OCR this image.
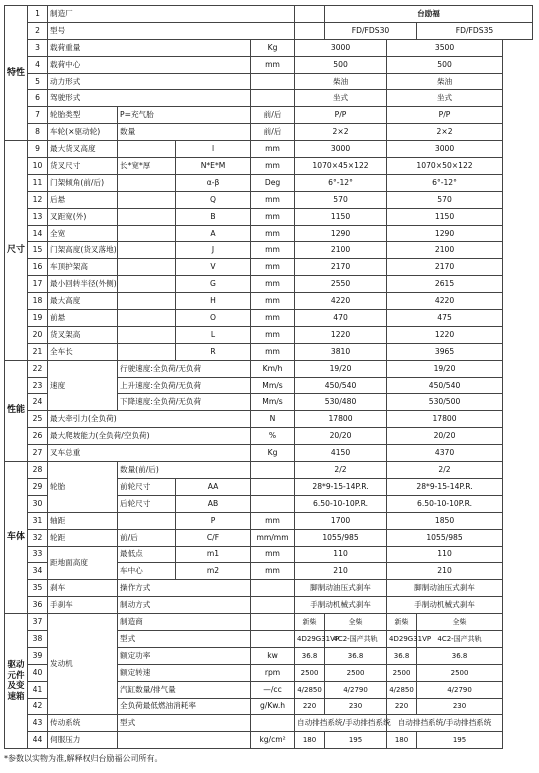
特性	1	制造厂					台励福		
	2	型号					FD/FDS30		FD/FDS35
	3	载荷重量			Kg	3000		3500	
	4	载荷中心			mm	500		500	
	5	动力形式				柴油		柴油	
	6	驾驶形式				坐式		坐式	
	7	轮胎类型	P=充气胎		前/后	P/P		P/P	
	8	车轮(×驱动轮)	数量		前/后	2×2		2×2	
尺寸	9	最大货叉高度		l	mm	3000		3000	
	10	货叉尺寸	长*宽*厚	N*E*M	mm	1070×45×122		1070×50×122	
	11	门架倾角(前/后)		α-β	Deg	6°-12°		6°-12°	
	12	后悬		Q	mm	570		570	
	13	叉距宽(外)		B	mm	1150		1150	
	14	全宽		A	mm	1290		1290	
	15	门架高度(货叉落地)		J	mm	2100		2100	
	16	车顶护架高		V	mm	2170		2170	
	17	最小回转半径(外侧)		G	mm	2550		2615	
	18	最大高度		H	mm	4220		4220	
	19	前悬		O	mm	470		475	
	20	货叉架高		L	mm	1220		1220	
	21	全车长		R	mm	3810		3965	
性能	22	速度	行驶速度:全负荷/无负荷		Km/h	19/20		19/20	
	23		上升速度:全负荷/无负荷		Mm/s	450/540		450/540	
	24		下降速度:全负荷/无负荷		Mm/s	530/480		530/500	
	25	最大牵引力(全负荷)			N	17800		17800	
	26	最大爬坡能力(全负荷/空负荷)			%	20/20		20/20	
	27	叉车总重			Kg	4150		4370	
车体	28	轮胎	数量(前/后)			2/2		2/2	
	29		前轮尺寸	AA		28*9-15-14P.R.		28*9-15-14P.R.	
	30		后轮尺寸	AB		6.50-10-10P.R.		6.50-10-10P.R.	
	31	轴距		P	mm	1700		1850	
	32	轮距	前/后	C/F	mm/mm	1055/985		1055/985	
	33	距地面高度	最低点	m1	mm	110		110	
	34		车中心	m2	mm	210		210	
	35	刹车	操作方式			脚制动油压式刹车		脚制动油压式刹车	
	36	手刹车	制动方式			手制动机械式刹车		手制动机械式刹车	
驱动元件及变速箱	37	发动机	制造商			新柴	全柴	新柴	全柴
	38		型式			4D29G31VP	4C2-国产共轨	4D29G31VP	4C2-国产共轨
	39		额定功率		kw	36.8	36.8	36.8	36.8
	40		额定转速		rpm	2500	2500	2500	2500
	41		汽缸数量/排气量		—/cc	4/2850	4/2790	4/2850	4/2790
	42		全负荷最低燃油消耗率		g/Kw.h	220	230	220	230
	43	传动系统	型式			自动排挡系统/手动排挡系统		自动排挡系统/手动排挡系统	
	44	伺服压力			kg/cm²	180	195	180	195
*参数以实物为准,解释权归台励福公司所有。
